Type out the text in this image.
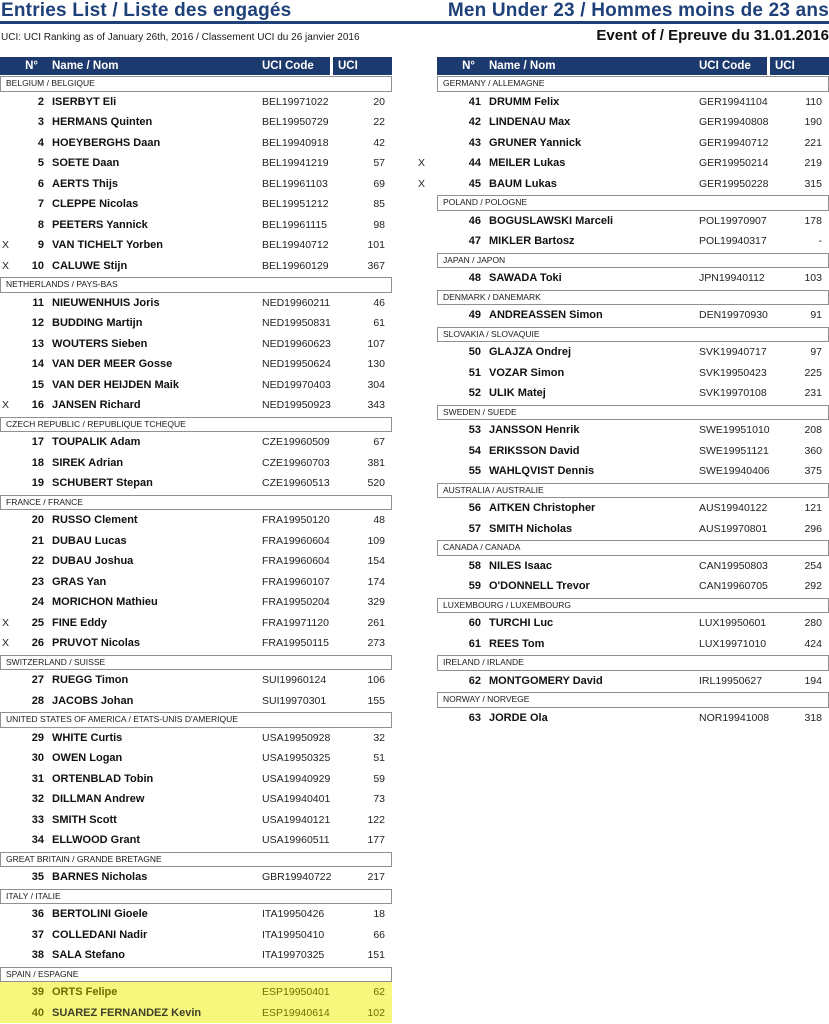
Entries List / Liste des engagés	Men Under 23 / Hommes moins de 23 ans
UCI: UCI Ranking as of January 26th, 2016 / Classement UCI du 26 janvier 2016	Event of / Epreuve du 31.01.2016
N°	Name / Nom	UCI Code	UCI
BELGIUM / BELGIQUE
2 ISERBYT Eli	BEL19971022	20
3 HERMANS Quinten	BEL19950729	22
4 HOEYBERGHS Daan	BEL19940918	42
5 SOETE Daan	BEL19941219	57
6 AERTS Thijs	BEL19961103	69
7 CLEPPE Nicolas	BEL19951212	85
8 PEETERS Yannick	BEL19961115	98
X	9 VAN TICHELT Yorben	BEL19940712	101
X	10 CALUWE Stijn	BEL19960129	367
NETHERLANDS / PAYS-BAS
11 NIEUWENHUIS Joris	NED19960211	46
12 BUDDING Martijn	NED19950831	61
13 WOUTERS Sieben	NED19960623	107
14 VAN DER MEER Gosse	NED19950624	130
15 VAN DER HEIJDEN Maik	NED19970403	304
X	16 JANSEN Richard	NED19950923	343
CZECH REPUBLIC / REPUBLIQUE TCHEQUE
17 TOUPALIK Adam	CZE19960509	67
18 SIREK Adrian	CZE19960703	381
19 SCHUBERT Stepan	CZE19960513	520
FRANCE / FRANCE
20 RUSSO Clement	FRA19950120	48
21 DUBAU Lucas	FRA19960604	109
22 DUBAU Joshua	FRA19960604	154
23 GRAS Yan	FRA19960107	174
24 MORICHON Mathieu	FRA19950204	329
X	25 FINE Eddy	FRA19971120	261
X	26 PRUVOT Nicolas	FRA19950115	273
SWITZERLAND / SUISSE
27 RUEGG Timon	SUI19960124	106
28 JACOBS Johan	SUI19970301	155
UNITED STATES OF AMERICA / ETATS-UNIS D'AMERIQUE
29 WHITE Curtis	USA19950928	32
30 OWEN Logan	USA19950325	51
31 ORTENBLAD Tobin	USA19940929	59
32 DILLMAN Andrew	USA19940401	73
33 SMITH Scott	USA19940121	122
34 ELLWOOD Grant	USA19960511	177
GREAT BRITAIN / GRANDE BRETAGNE
35 BARNES Nicholas	GBR19940722	217
ITALY / ITALIE
36 BERTOLINI Gioele	ITA19950426	18
37 COLLEDANI Nadir	ITA19950410	66
38 SALA Stefano	ITA19970325	151
SPAIN / ESPAGNE
39 ORTS Felipe	ESP19950401	62
40 SUAREZ FERNANDEZ Kevin	ESP19940614	102
N°	Name / Nom	UCI Code	UCI
GERMANY / ALLEMAGNE
41 DRUMM Felix	GER19941104	110
42 LINDENAU Max	GER19940808	190
43 GRUNER Yannick	GER19940712	221
X	44 MEILER Lukas	GER19950214	219
X	45 BAUM Lukas	GER19950228	315
POLAND / POLOGNE
46 BOGUSLAWSKI Marceli	POL19970907	178
47 MIKLER Bartosz	POL19940317	-
JAPAN / JAPON
48 SAWADA Toki	JPN19940112	103
DENMARK / DANEMARK
49 ANDREASSEN Simon	DEN19970930	91
SLOVAKIA / SLOVAQUIE
50 GLAJZA Ondrej	SVK19940717	97
51 VOZAR Simon	SVK19950423	225
52 ULIK Matej	SVK19970108	231
SWEDEN / SUEDE
53 JANSSON Henrik	SWE19951010	208
54 ERIKSSON David	SWE19951121	360
55 WAHLQVIST Dennis	SWE19940406	375
AUSTRALIA / AUSTRALIE
56 AITKEN Christopher	AUS19940122	121
57 SMITH Nicholas	AUS19970801	296
CANADA / CANADA
58 NILES Isaac	CAN19950803	254
59 O'DONNELL Trevor	CAN19960705	292
LUXEMBOURG / LUXEMBOURG
60 TURCHI Luc	LUX19950601	280
61 REES Tom	LUX19971010	424
IRELAND / IRLANDE
62 MONTGOMERY David	IRL19950627	194
NORWAY / NORVEGE
63 JORDE Ola	NOR19941008	318
